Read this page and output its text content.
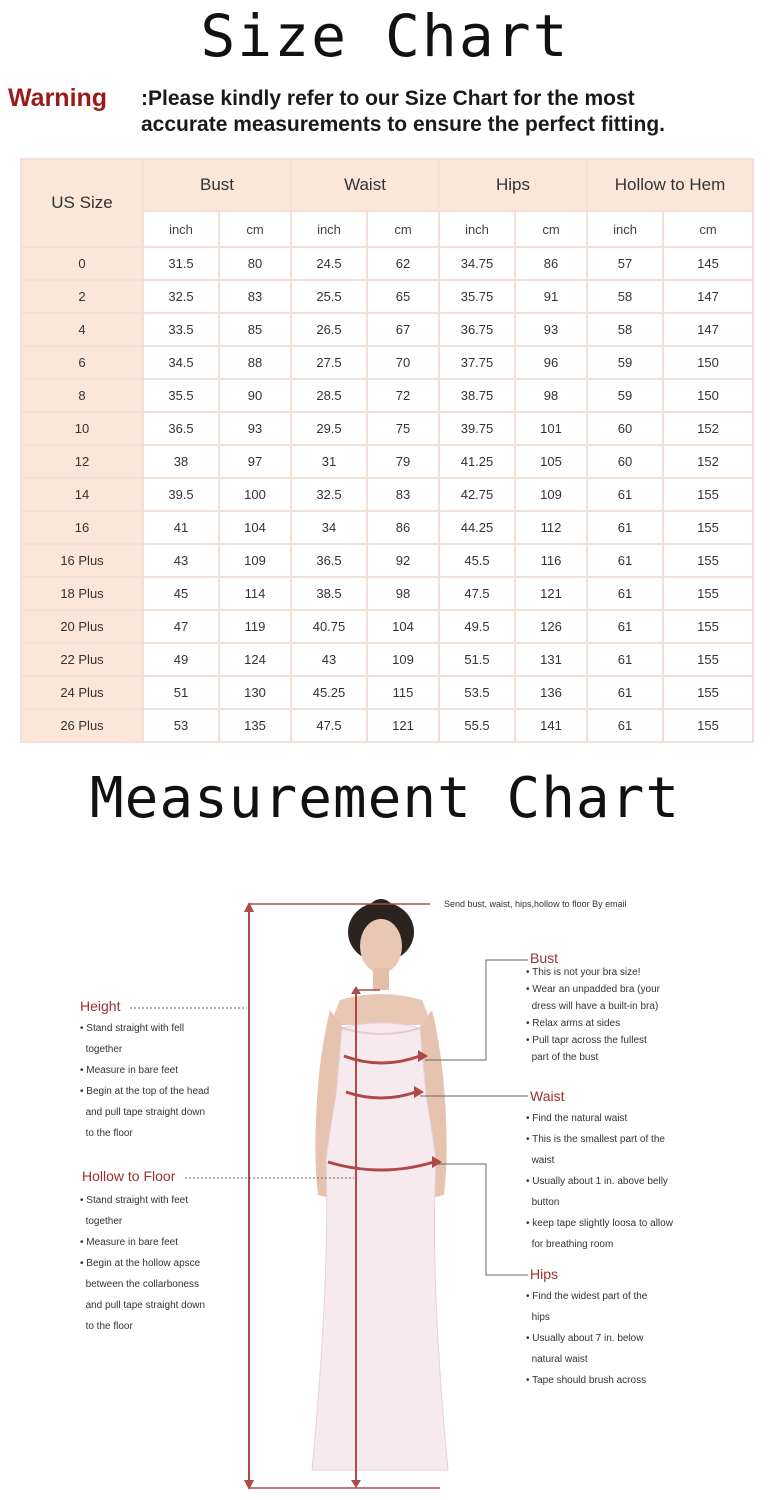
Size Chart
Warning :Please kindly refer to our Size Chart for the most
accurate measurements to ensure the perfect fitting.
US Size	Bust		Waist		Hips		Hollow to Hem	
	inch	cm	inch	cm	inch	cm	inch	cm
0	31.5	80	24.5	62	34.75	86	57	145
2	32.5	83	25.5	65	35.75	91	58	147
4	33.5	85	26.5	67	36.75	93	58	147
6	34.5	88	27.5	70	37.75	96	59	150
8	35.5	90	28.5	72	38.75	98	59	150
10	36.5	93	29.5	75	39.75	101	60	152
12	38	97	31	79	41.25	105	60	152
14	39.5	100	32.5	83	42.75	109	61	155
16	41	104	34	86	44.25	112	61	155
16 Plus	43	109	36.5	92	45.5	116	61	155
18 Plus	45	114	38.5	98	47.5	121	61	155
20 Plus	47	119	40.75	104	49.5	126	61	155
22 Plus	49	124	43	109	51.5	131	61	155
24 Plus	51	130	45.25	115	53.5	136	61	155
26 Plus	53	135	47.5	121	55.5	141	61	155
Measurement Chart
Send bust, waist, hips,hollow to floor By email
Height
• Stand straight with fell
together
• Measure in bare feet
• Begin at the top of the head
and pull tape straight down
to the floor
Hollow to Floor
• Stand straight with feet
together
• Measure in bare feet
• Begin at the hollow apsce
between the collarboness
and pull tape straight down
to the floor
Bust
• This is not your bra size!
• Wear an unpadded bra (your
dress will have a built-in bra)
• Relax arms at sides
• Pull tapr across the fullest
part of the bust
Waist
• Find the natural waist
• This is the smallest part of the
waist
• Usually about 1 in. above belly
button
• keep tape slightly loosa to allow
for breathing room
Hips
• Find the widest part of the
hips
• Usually about 7 in. below
natural waist
• Tape should brush across
